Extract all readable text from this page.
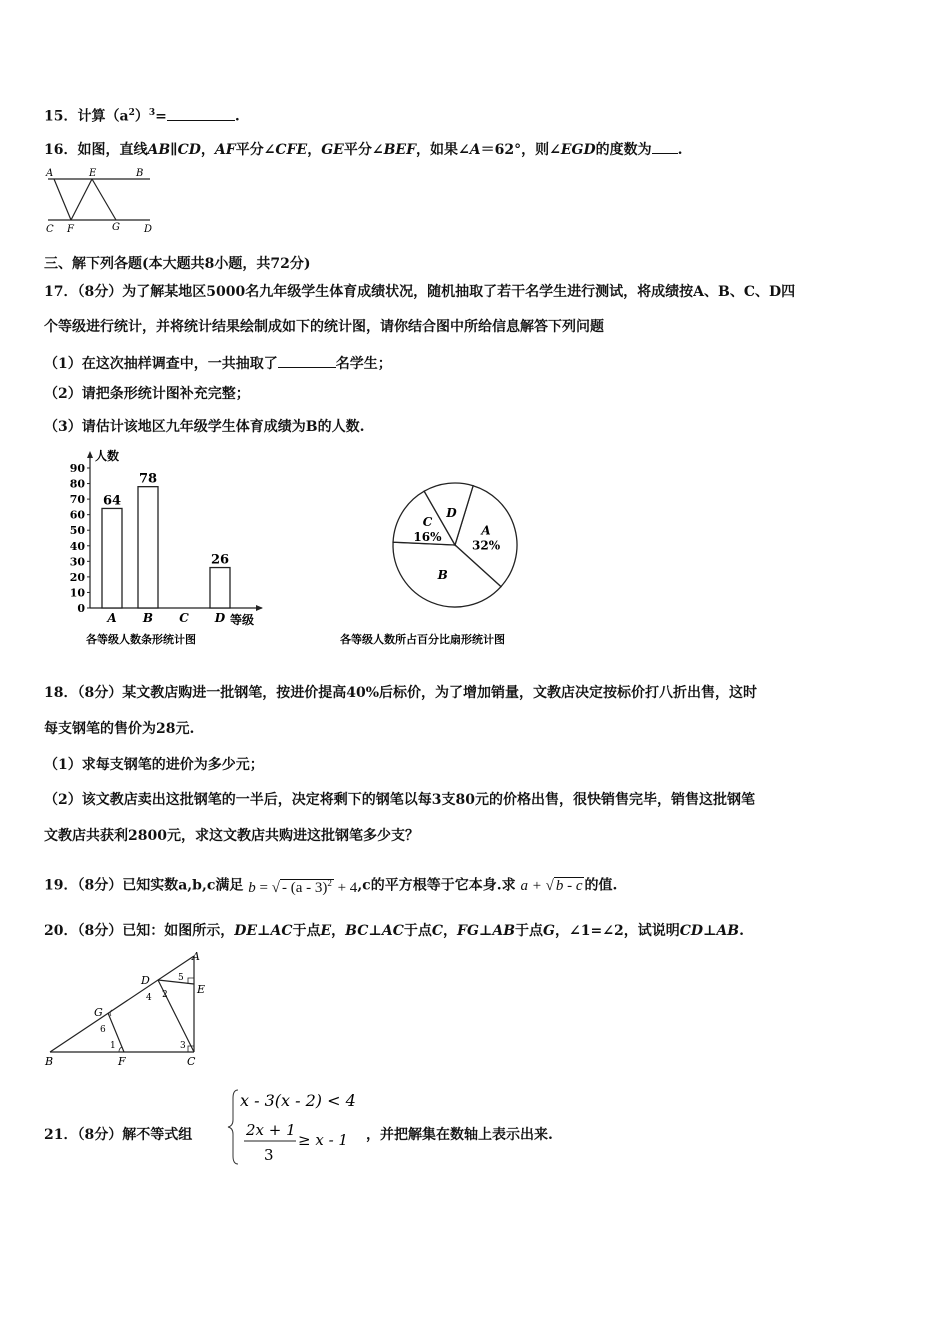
15．计算$(a^2)^3=$	.
16．如图，直线AB∥CD，AF平分∠CFE，GE平分∠BEF，如果∠A＝62°，则∠EGD的度数为 .
A	E	B
C F	G D
三、解下列各题(本大题共8小题，共72分)
17．（8分）为了解某地区5000名九年级学生体育成绩状况，随机抽取了若干名学生进行测试，将成绩按A、B、C、D四
个等级进行统计，并将统计结果绘制成如下的统计图，请你结合图中所给信息解答下列问题
（1）在这次抽样调查中，一共抽取了	名学生；
（2）请把条形统计图补充完整；
（3）请估计该地区九年级学生体育成绩为B的人数.
0
10
20
30
40
50
60
70
80
90
64
78
26
A B C D
人数
等级
各等级人数条形统计图
A
32%
B
C
16%
D
各等级人数所占百分比扇形统计图
18．（8分）某文教店购进一批钢笔，按进价提高40%后标价，为了增加销量，文教店决定按标价打八折出售，这时
每支钢笔的售价为28元.
（1）求每支钢笔的进价为多少元；
（2）该文教店卖出这批钢笔的一半后，决定将剩下的钢笔以每3支80元的价格出售，很快销售完毕，销售这批钢笔
文教店共获利2800元，求这文教店共购进这批钢笔多少支？
19．（8分）已知实数a,b,c满足 b = √ - (a - 3)$^2$ + 4,c的平方根等于它本身.求 a + √ b - c 的值.
20．（8分）已知：如图所示，DE⊥AC于点E，BC⊥AC于点C，FG⊥AB于点G，∠1=∠2，试说明CD⊥AB.
A
B	C
D
E
F
G
1
2
3
4
5
6
21．（8分）解不等式组
x - 3(x - 2) < 4
2x + 1
3
≥ x - 1 ，并把解集在数轴上表示出来.
